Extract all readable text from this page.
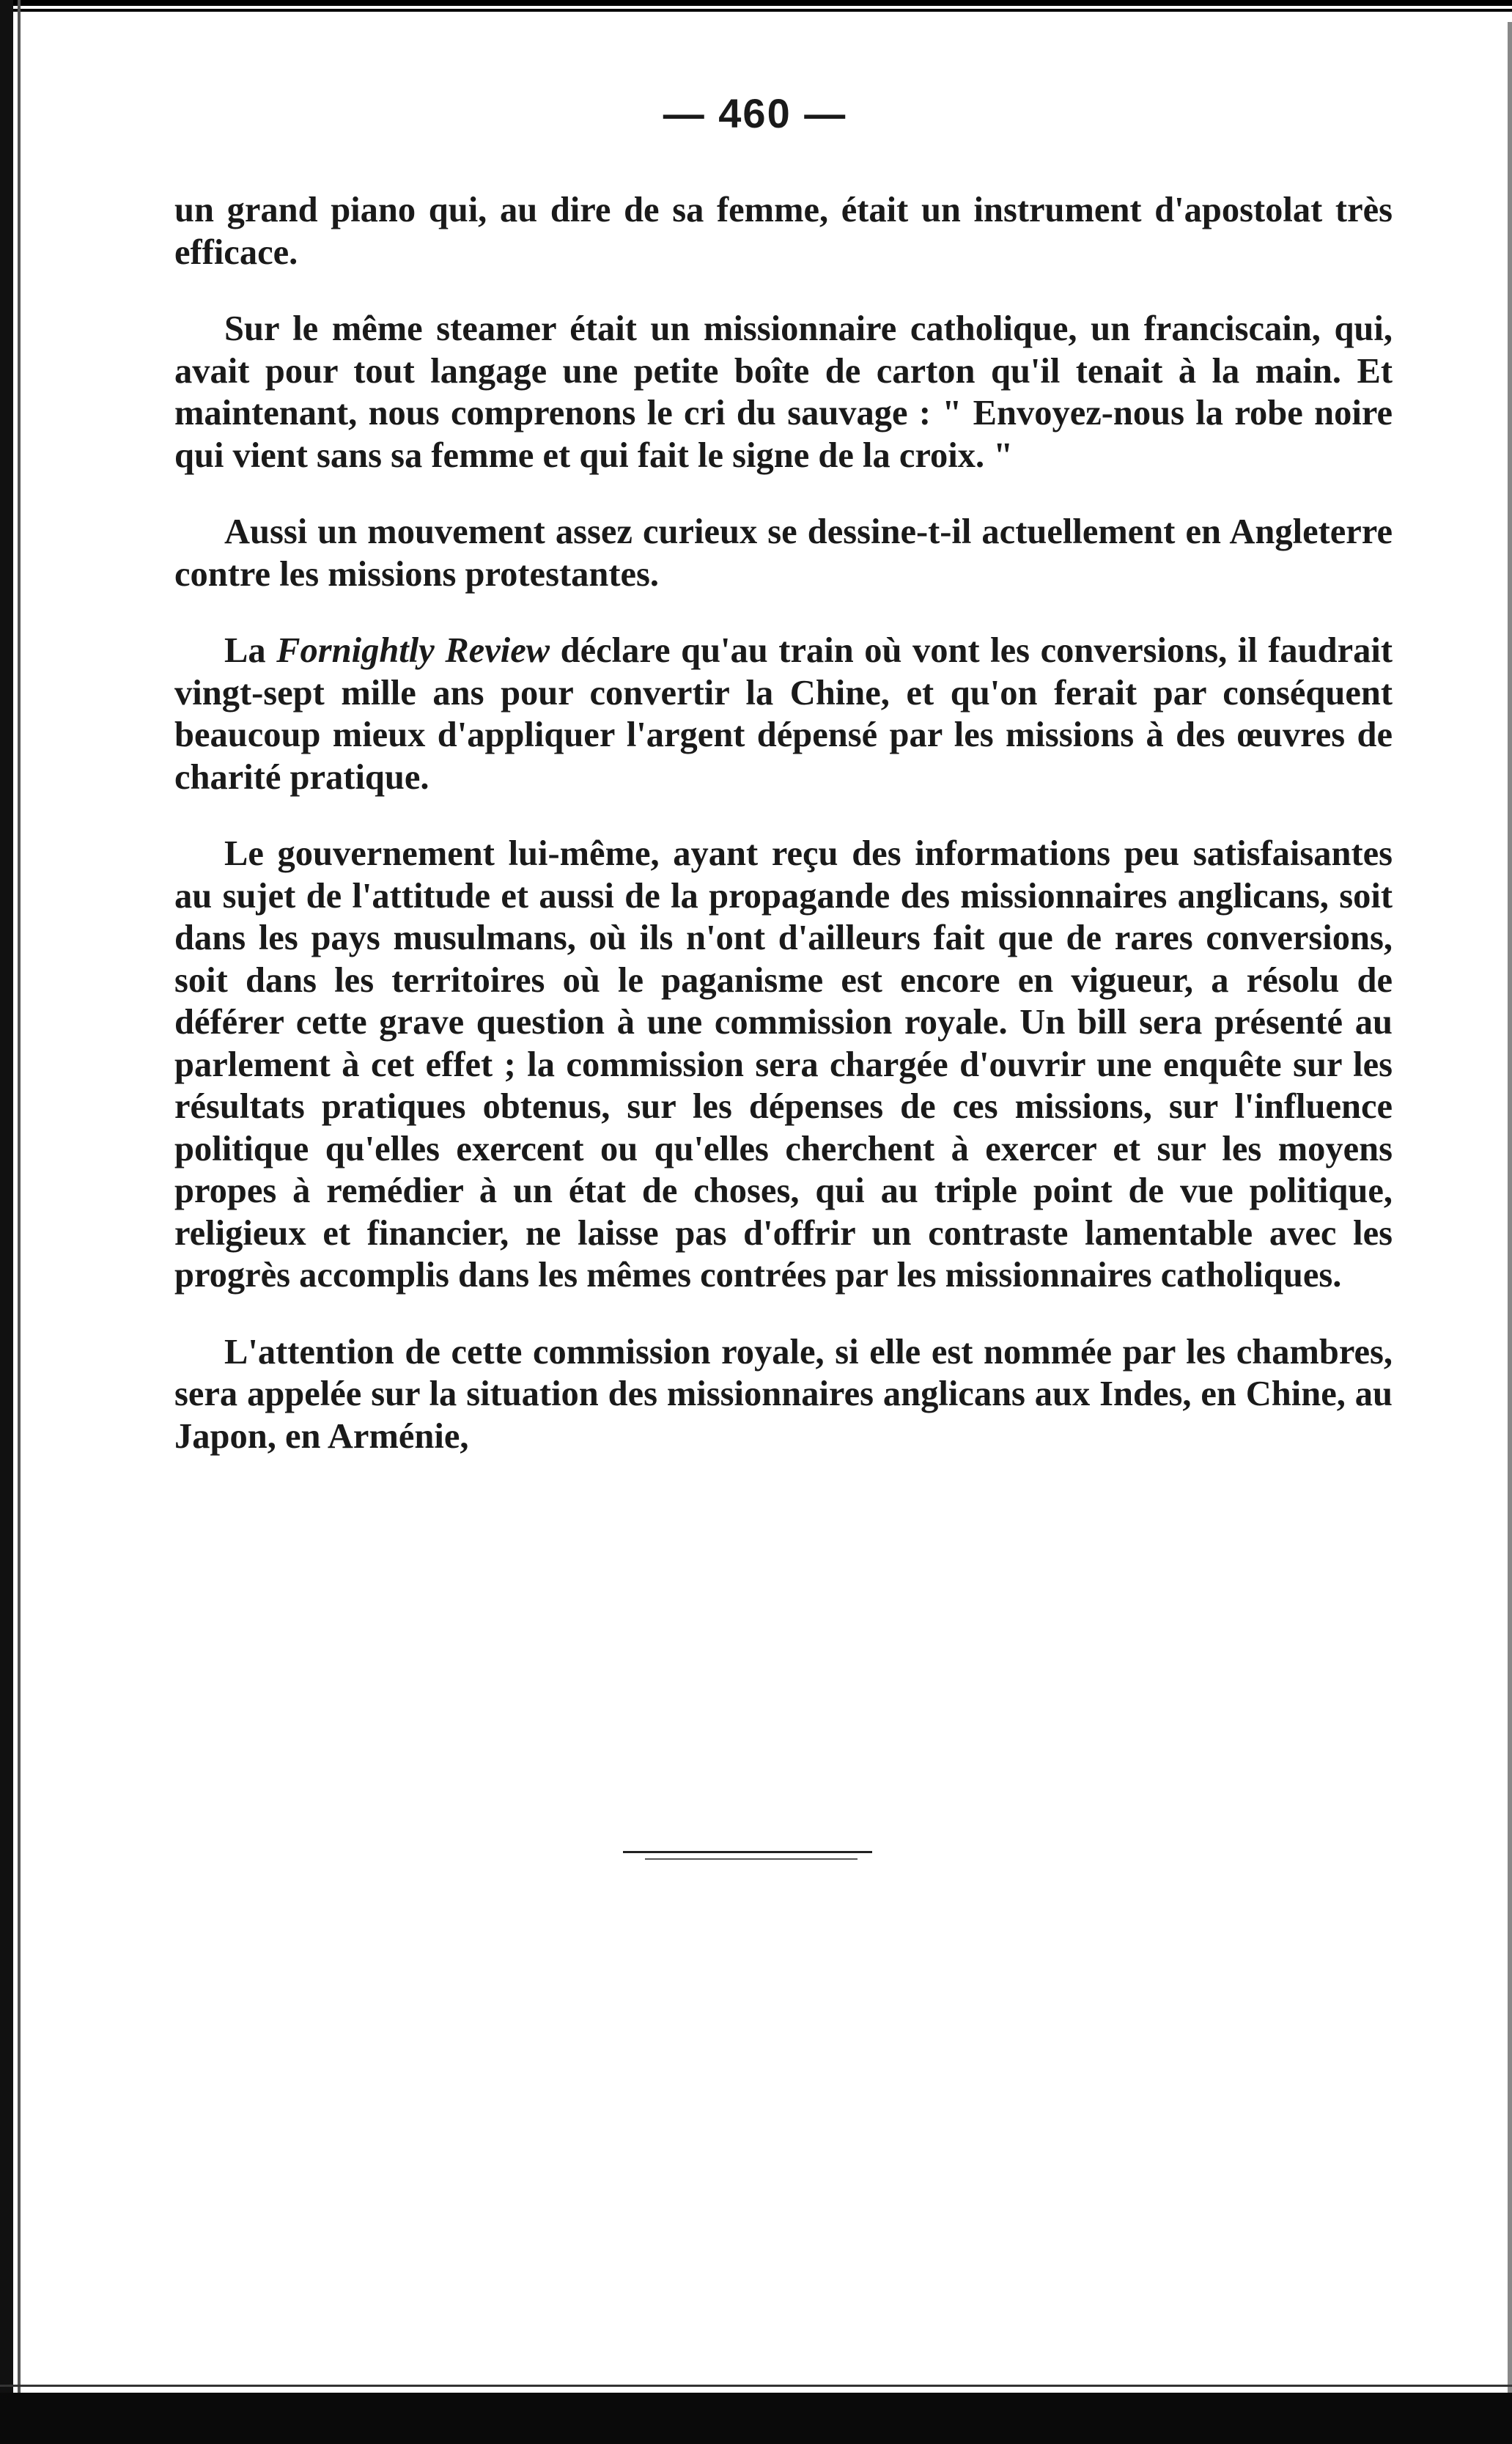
— 460 —

un grand piano qui, au dire de sa femme, était un instrument d'apostolat très efficace.

Sur le même steamer était un missionnaire catholique, un franciscain, qui, avait pour tout langage une petite boîte de carton qu'il tenait à la main. Et maintenant, nous comprenons le cri du sauvage : " Envoyez-nous la robe noire qui vient sans sa femme et qui fait le signe de la croix. "

Aussi un mouvement assez curieux se dessine-t-il actuellement en Angleterre contre les missions protestantes.

La Fornightly Review déclare qu'au train où vont les conversions, il faudrait vingt-sept mille ans pour convertir la Chine, et qu'on ferait par conséquent beaucoup mieux d'appliquer l'argent dépensé par les missions à des œuvres de charité pratique.

Le gouvernement lui-même, ayant reçu des informations peu satisfaisantes au sujet de l'attitude et aussi de la propagande des missionnaires anglicans, soit dans les pays musulmans, où ils n'ont d'ailleurs fait que de rares conversions, soit dans les territoires où le paganisme est encore en vigueur, a résolu de déférer cette grave question à une commission royale. Un bill sera présenté au parlement à cet effet ; la commission sera chargée d'ouvrir une enquête sur les résultats pratiques obtenus, sur les dépenses de ces missions, sur l'influence politique qu'elles exercent ou qu'elles cherchent à exercer et sur les moyens propes à remédier à un état de choses, qui au triple point de vue politique, religieux et financier, ne laisse pas d'offrir un contraste lamentable avec les progrès accomplis dans les mêmes contrées par les missionnaires catholiques.

L'attention de cette commission royale, si elle est nommée par les chambres, sera appelée sur la situation des missionnaires anglicans aux Indes, en Chine, au Japon, en Arménie,
